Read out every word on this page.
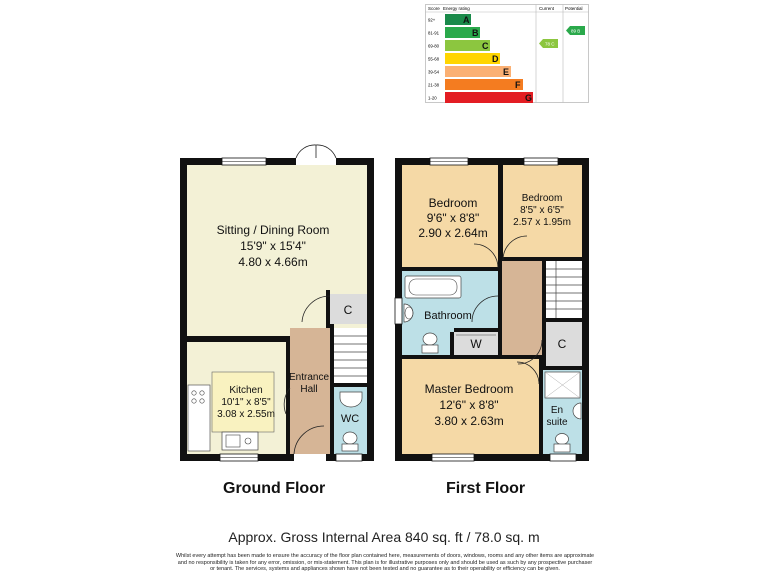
Score Energy rating	Current Potential
92+	A
81-91	B
69-80	C
55-68	D
39-54	E
21-38	F
1-20	G
78 C
89 B
Sitting / Dining Room
15'9" x 15'4"
4.80 x 4.66m
Kitchen
10'1" x 8'5"
3.08 x 2.55m
Entrance
Hall
WC
C
Bedroom
9'6" x 8'8"
2.90 x 2.64m
Bedroom
8'5" x 6'5"
2.57 x 1.95m
Bathroom
W	C
Master Bedroom
12'6" x 8'8"
3.80 x 2.63m
En
suite
Ground Floor	First Floor
Approx. Gross Internal Area 840 sq. ft / 78.0 sq. m
Whilst every attempt has been made to ensure the accuracy of the floor plan contained here, measurements of doors, windows, rooms and any other items are approximate
and no responsibility is taken for any error, omission, or mis-statement. This plan is for illustrative purposes only and should be used as such by any prospective purchaser
or tenant. The services, systems and appliances shown have not been tested and no guarantee as to their operability or efficiency can be given.
